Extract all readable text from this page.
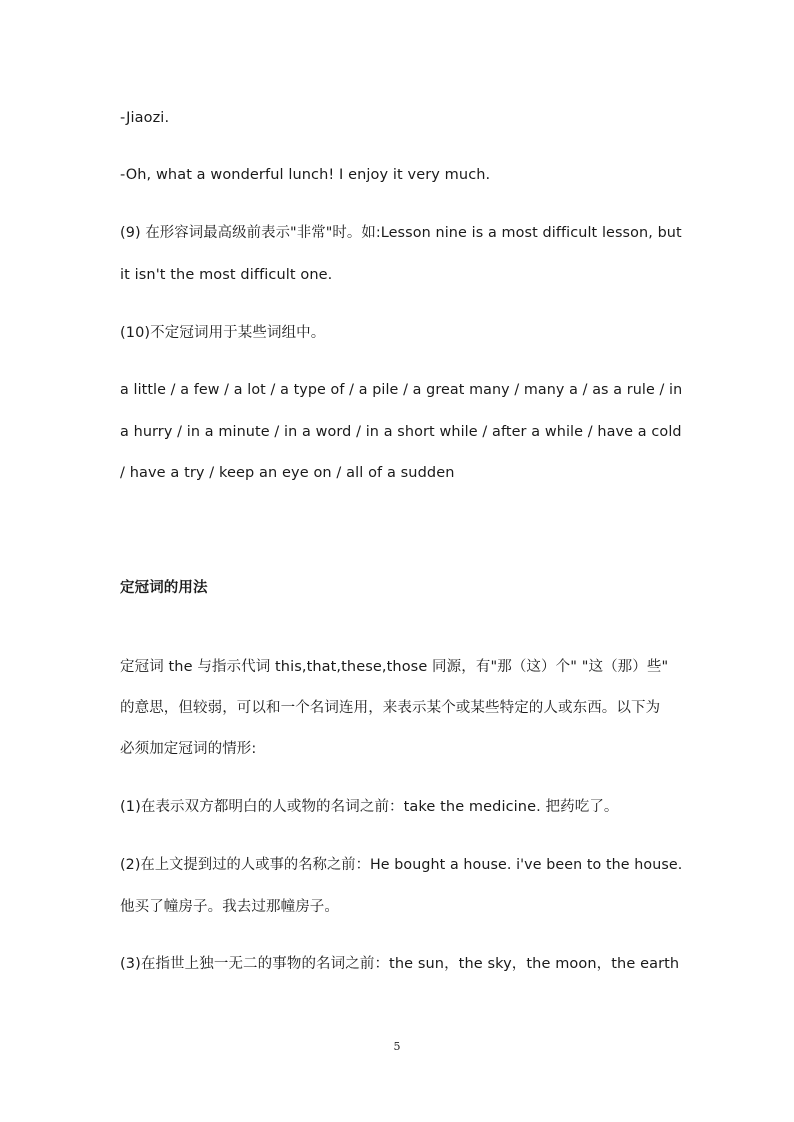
-Jiaozi.
-Oh, what a wonderful lunch! I enjoy it very much.
(9) 在形容词最高级前表示"非常"时。如:Lesson nine is a most difficult lesson, but
it isn't the most difficult one.
(10)不定冠词用于某些词组中。
a little / a few / a lot / a type of / a pile / a great many / many a / as a rule / in
a hurry / in a minute / in a word / in a short while / after a while / have a cold
/ have a try / keep an eye on / all of a sudden
定冠词的用法
定冠词 the 与指示代词 this,that,these,those 同源，有"那（这）个" "这（那）些"
的意思，但较弱，可以和一个名词连用，来表示某个或某些特定的人或东西。以下为
必须加定冠词的情形:
(1)在表示双方都明白的人或物的名词之前：take the medicine. 把药吃了。
(2)在上文提到过的人或事的名称之前：He bought a house. i've been to the house.
他买了幢房子。我去过那幢房子。
(3)在指世上独一无二的事物的名词之前：the sun，the sky，the moon，the earth
5
